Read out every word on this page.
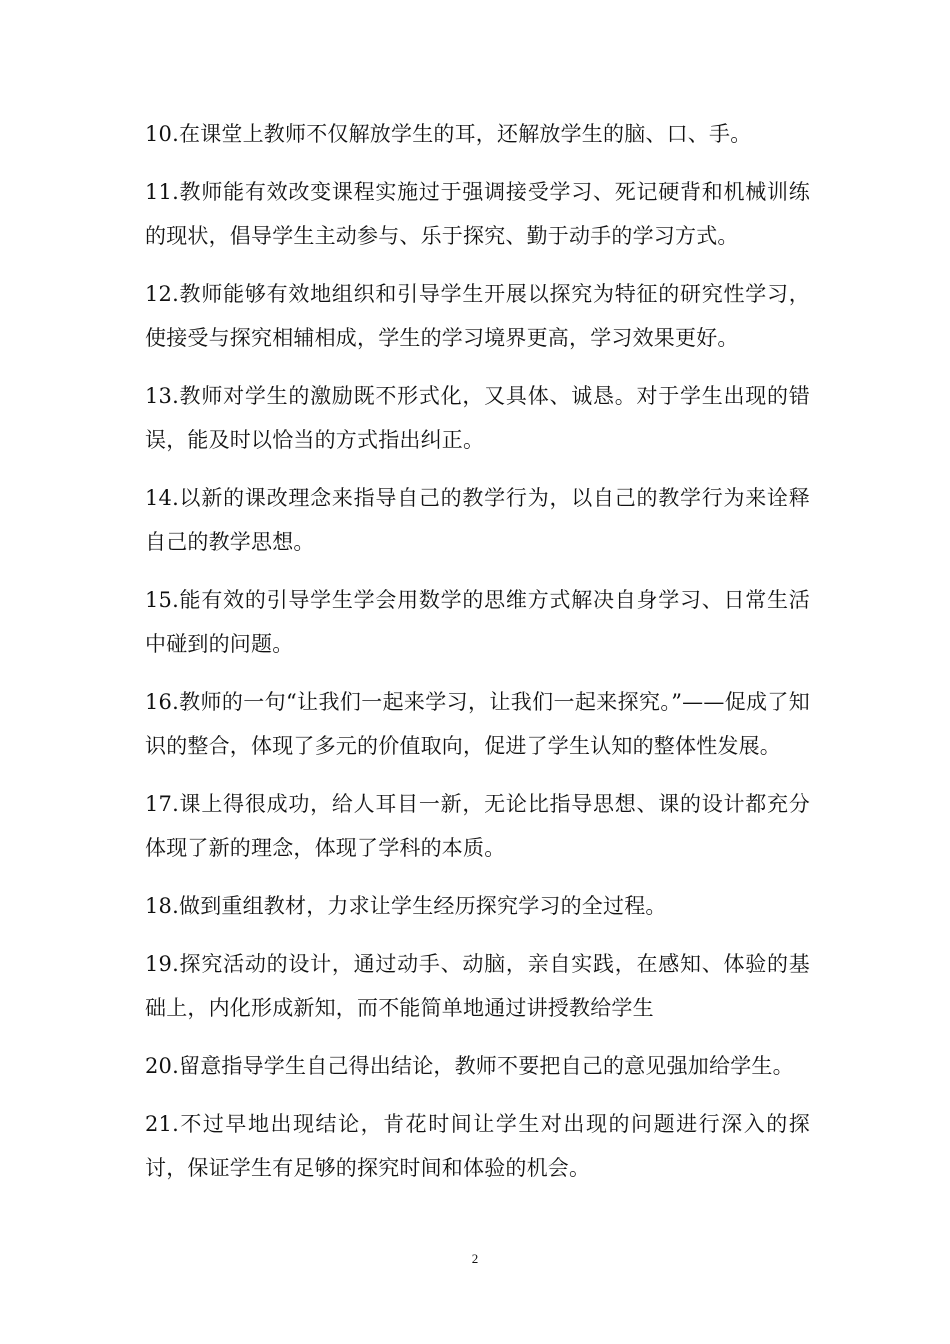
10.在课堂上教师不仅解放学生的耳，还解放学生的脑、口、手。

11.教师能有效改变课程实施过于强调接受学习、死记硬背和机械训练的现状，倡导学生主动参与、乐于探究、勤于动手的学习方式。

12.教师能够有效地组织和引导学生开展以探究为特征的研究性学习，使接受与探究相辅相成，学生的学习境界更高，学习效果更好。

13.教师对学生的激励既不形式化，又具体、诚恳。对于学生出现的错误，能及时以恰当的方式指出纠正。

14.以新的课改理念来指导自己的教学行为，以自己的教学行为来诠释自己的教学思想。

15.能有效的引导学生学会用数学的思维方式解决自身学习、日常生活中碰到的问题。

16.教师的一句“让我们一起来学习，让我们一起来探究。”——促成了知识的整合，体现了多元的价值取向，促进了学生认知的整体性发展。

17.课上得很成功，给人耳目一新，无论比指导思想、课的设计都充分体现了新的理念，体现了学科的本质。

18.做到重组教材，力求让学生经历探究学习的全过程。

19.探究活动的设计，通过动手、动脑，亲自实践，在感知、体验的基础上，内化形成新知，而不能简单地通过讲授教给学生

20.留意指导学生自己得出结论，教师不要把自己的意见强加给学生。

21.不过早地出现结论，肯花时间让学生对出现的问题进行深入的探讨，保证学生有足够的探究时间和体验的机会。

2
